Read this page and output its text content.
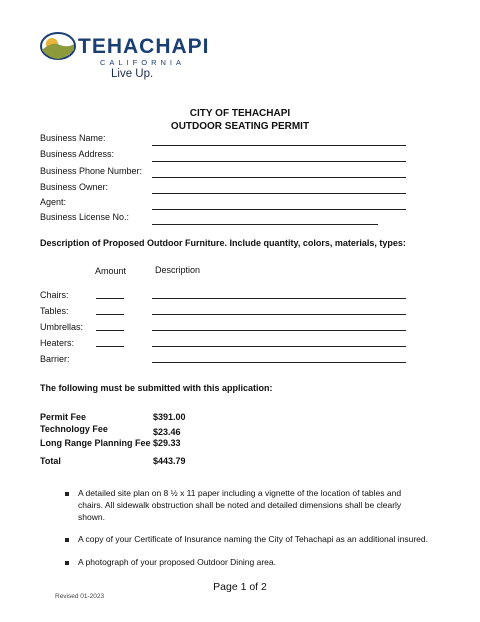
TEHACHAPI
CALIFORNIA
Live Up.
CITY OF TEHACHAPI
OUTDOOR SEATING PERMIT
Business Name:
Business Address:
Business Phone Number:
Business Owner:
Agent:
Business License No.:
Description of Proposed Outdoor Furniture. Include quantity, colors, materials, types:
Amount	Description
Chairs:
Tables:
Umbrellas:
Heaters:
Barrier:
The following must be submitted with this application:
Permit Fee	$391.00
Technology Fee	$23.46
Long Range Planning Fee $29.33
Total	$443.79
A detailed site plan on 8 ½ x 11 paper including a vignette of the location of tables and chairs. All sidewalk obstruction shall be noted and detailed dimensions shall be clearly shown.
A copy of your Certificate of Insurance naming the City of Tehachapi as an additional insured.
A photograph of your proposed Outdoor Dining area.
Page 1 of 2
Revised 01-2023
